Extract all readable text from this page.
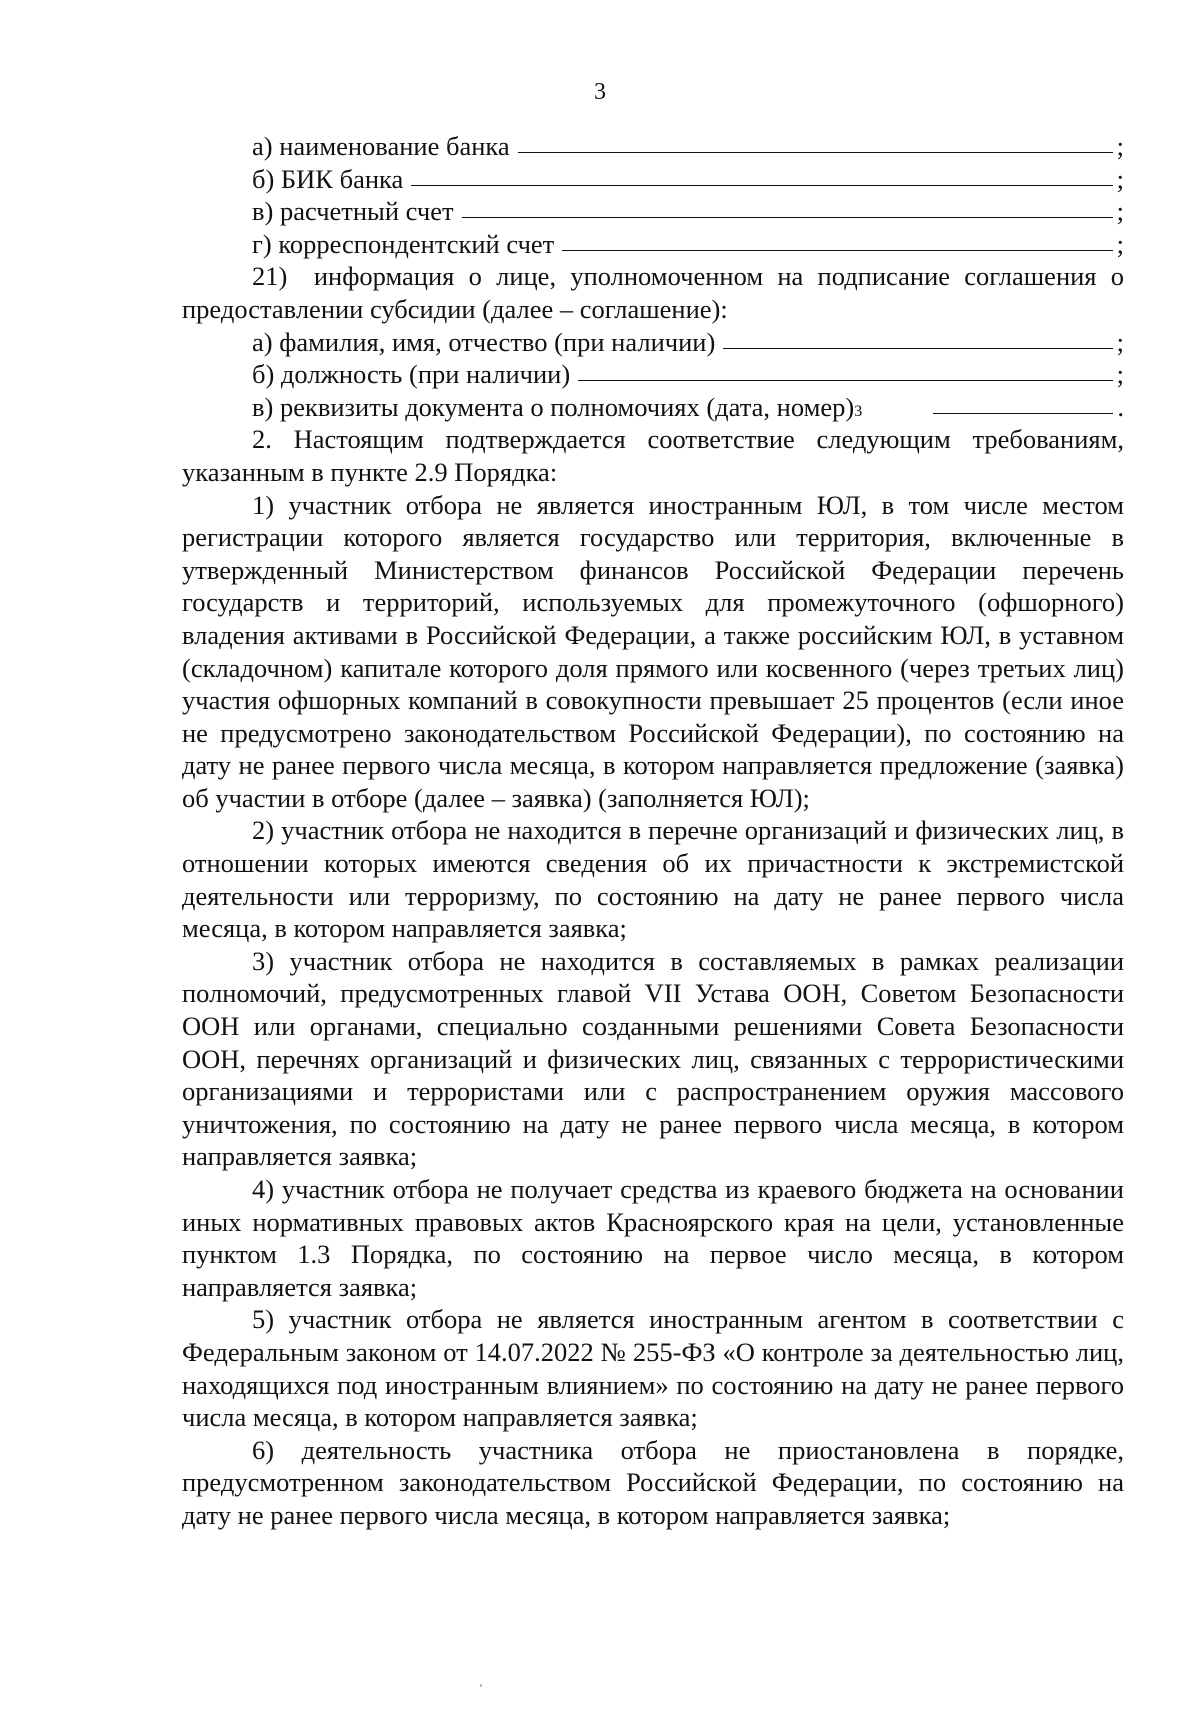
3
а) наименование банка	;
б) БИК банка	;
в) расчетный счет	;
г) корреспондентский счет	;

21) информация о лице, уполномоченном на подписание соглашения о предоставлении субсидии (далее – соглашение):

а) фамилия, имя, отчество (при наличии)	;
б) должность (при наличии)	;
в) реквизиты документа о полномочиях (дата, номер) 3	.

2. Настоящим подтверждается соответствие следующим требованиям, указанным в пункте 2.9 Порядка:

1) участник отбора не является иностранным ЮЛ, в том числе местом регистрации которого является государство или территория, включенные в утвержденный Министерством финансов Российской Федерации перечень государств и территорий, используемых для промежуточного (офшорного) владения активами в Российской Федерации, а также российским ЮЛ, в уставном (складочном) капитале которого доля прямого или косвенного (через третьих лиц) участия офшорных компаний в совокупности превышает 25 процентов (если иное не предусмотрено законодательством Российской Федерации), по состоянию на дату не ранее первого числа месяца, в котором направляется предложение (заявка) об участии в отборе (далее – заявка) (заполняется ЮЛ);

2) участник отбора не находится в перечне организаций и физических лиц, в отношении которых имеются сведения об их причастности к экстремистской деятельности или терроризму, по состоянию на дату не ранее первого числа месяца, в котором направляется заявка;

3) участник отбора не находится в составляемых в рамках реализации полномочий, предусмотренных главой VII Устава ООН, Советом Безопасности ООН или органами, специально созданными решениями Совета Безопасности ООН, перечнях организаций и физических лиц, связанных с террористическими организациями и террористами или с распространением оружия массового уничтожения, по состоянию на дату не ранее первого числа месяца, в котором направляется заявка;

4) участник отбора не получает средства из краевого бюджета на основании иных нормативных правовых актов Красноярского края на цели, установленные пунктом 1.3 Порядка, по состоянию на первое число месяца, в котором направляется заявка;

5) участник отбора не является иностранным агентом в соответствии с Федеральным законом от 14.07.2022 № 255-ФЗ «О контроле за деятельностью лиц, находящихся под иностранным влиянием» по состоянию на дату не ранее первого числа месяца, в котором направляется заявка;

6) деятельность участника отбора не приостановлена в порядке, предусмотренном законодательством Российской Федерации, по состоянию на дату не ранее первого числа месяца, в котором направляется заявка;
